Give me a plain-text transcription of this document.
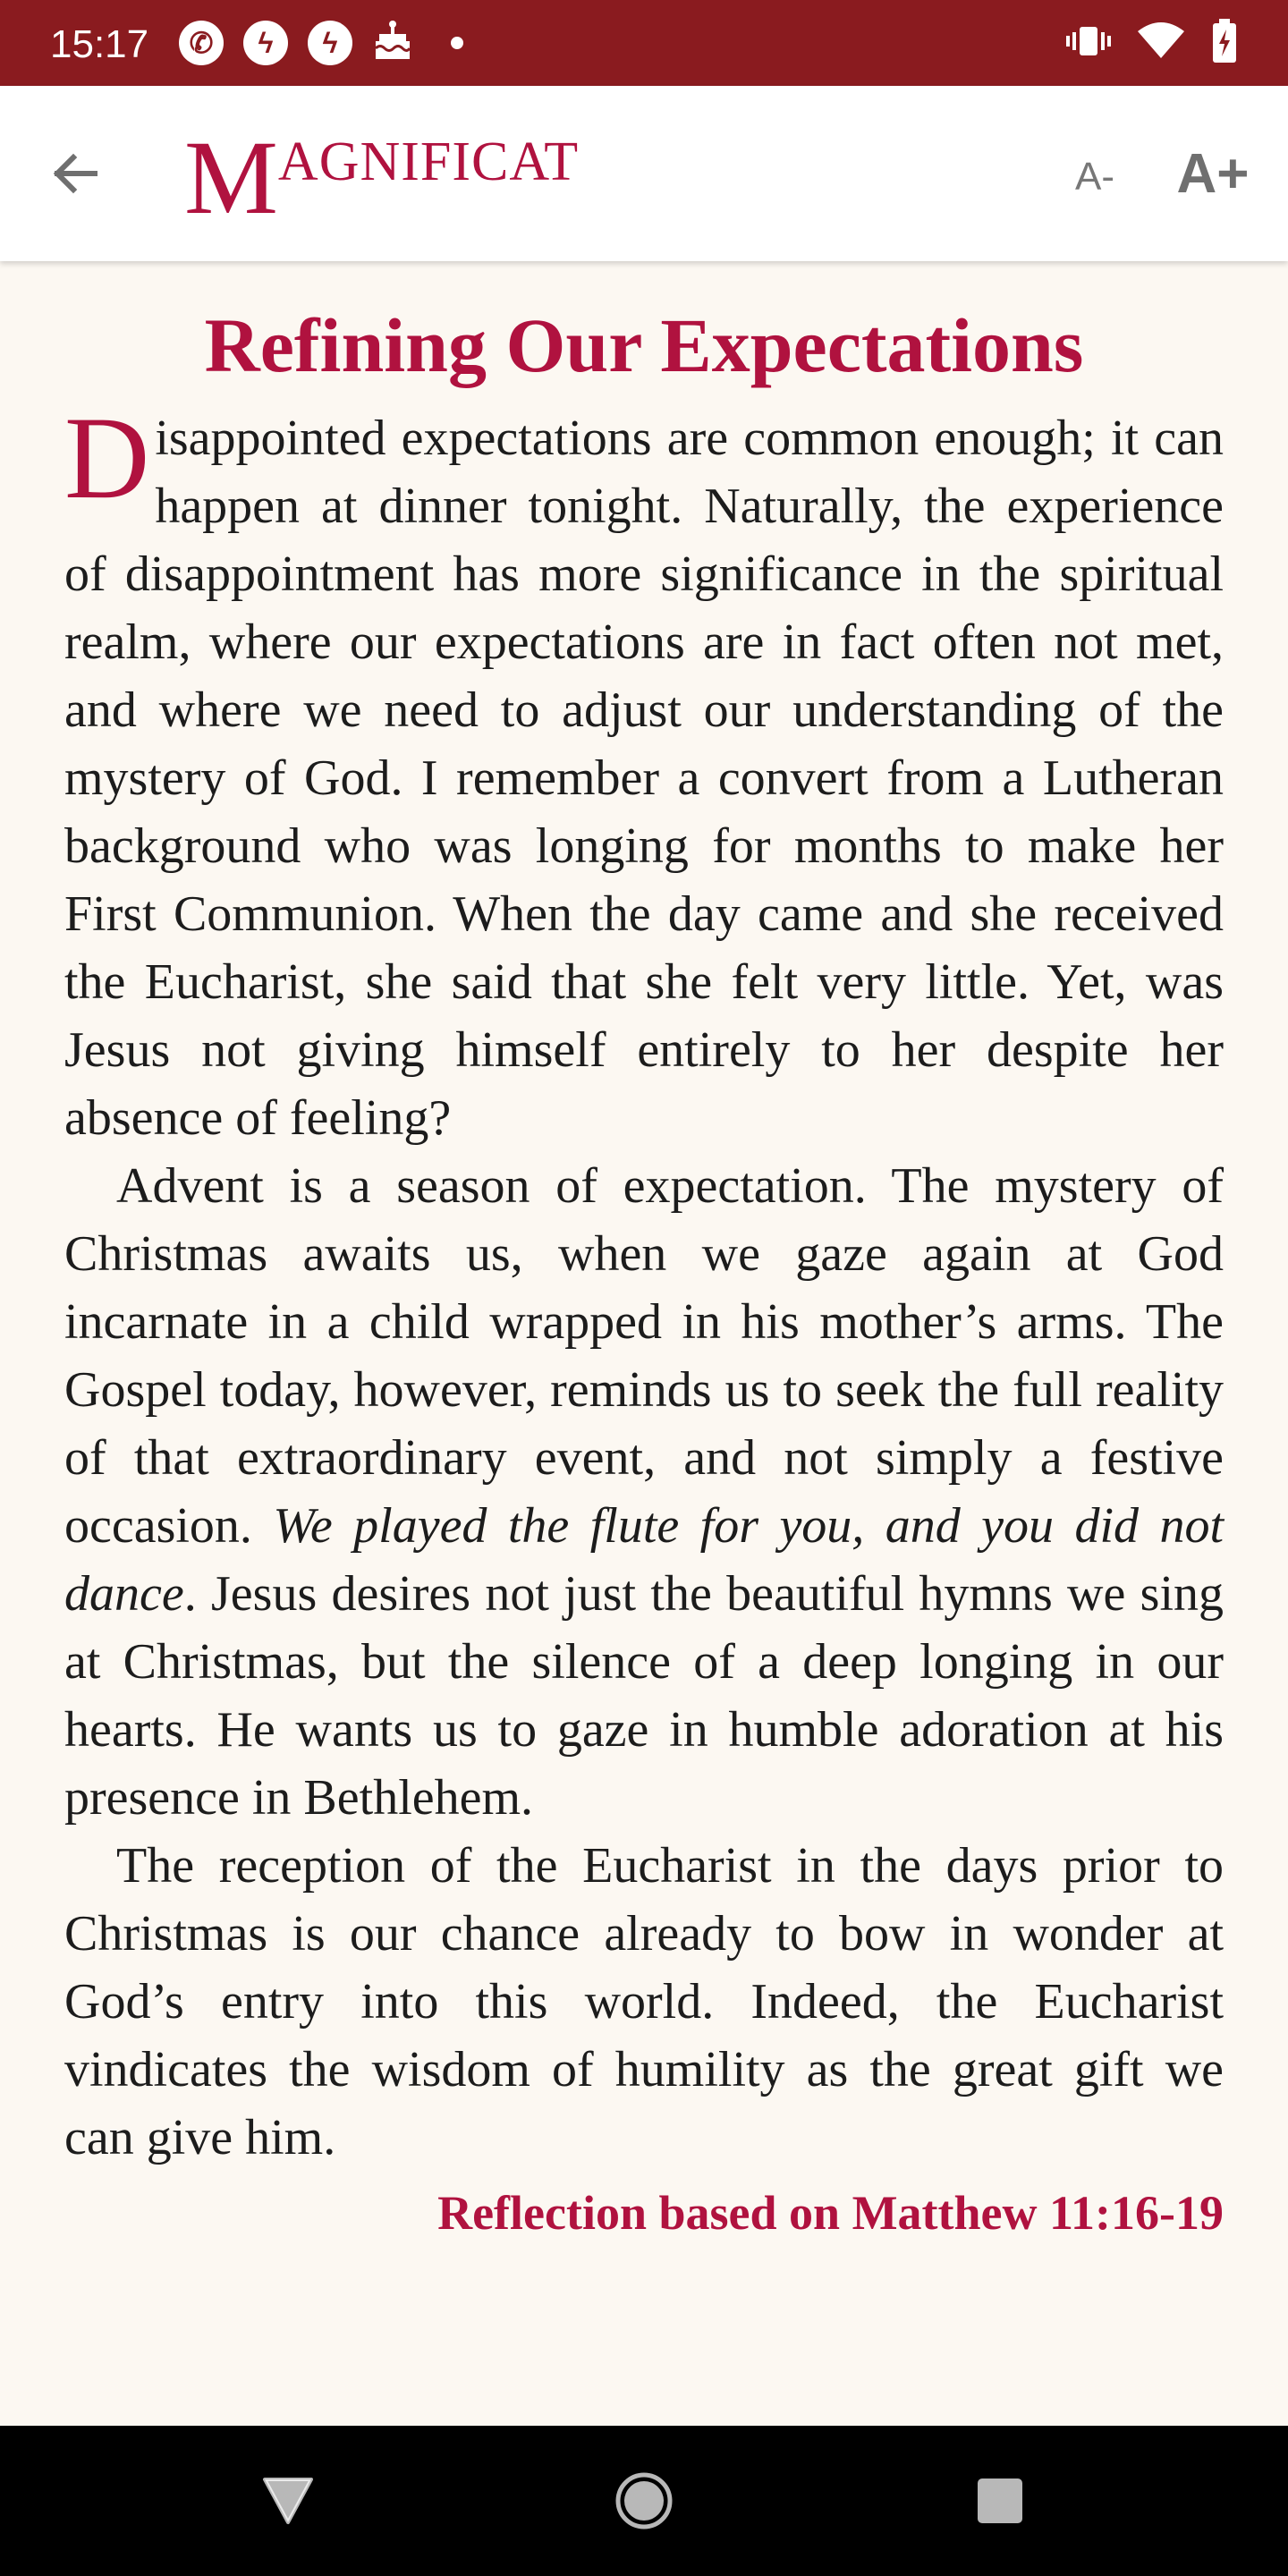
15:17	✆	ϟ	ϟ
MAGNIFICAT	A- A+
Refining Our Expectations

Disappointed expectations are common enough; it can happen at dinner tonight. Naturally, the experience of disappointment has more significance in the spiritual realm, where our expectations are in fact often not met, and where we need to adjust our understanding of the mystery of God. I remember a convert from a Lutheran background who was longing for months to make her First Communion. When the day came and she received the Eucharist, she said that she felt very little. Yet, was Jesus not giving himself entirely to her despite her absence of feeling?

Advent is a season of expectation. The mystery of Christmas awaits us, when we gaze again at God incarnate in a child wrapped in his mother’s arms. The Gospel today, however, reminds us to seek the full reality of that extraordinary event, and not simply a festive occasion. We played the flute for you, and you did not dance. Jesus desires not just the beautiful hymns we sing at Christmas, but the silence of a deep longing in our hearts. He wants us to gaze in humble adoration at his presence in Bethlehem.

The reception of the Eucharist in the days prior to Christmas is our chance already to bow in wonder at God’s entry into this world. Indeed, the Eucharist vindicates the wisdom of humility as the great gift we can give him.

Reflection based on Matthew 11:16-19
